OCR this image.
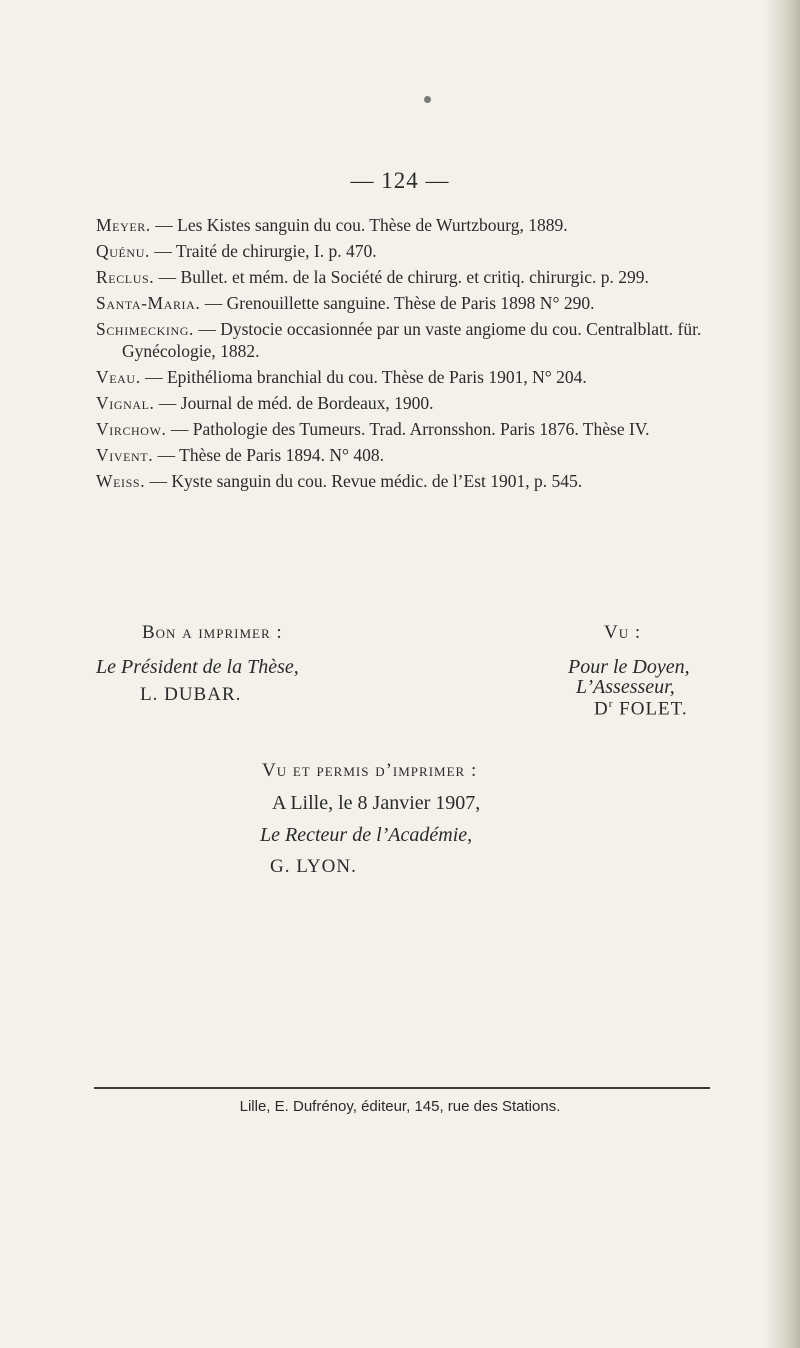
— 124 —

Meyer. — Les Kistes sanguin du cou. Thèse de Wurtzbourg, 1889.

Quénu. — Traité de chirurgie, I. p. 470.

Reclus. — Bullet. et mém. de la Société de chirurg. et critiq. chirurgic. p. 299.

Santa-Maria. — Grenouillette sanguine. Thèse de Paris 1898 N° 290.

Schimecking. — Dystocie occasionnée par un vaste angiome du cou. Centralblatt. für. Gynécologie, 1882.

Veau. — Epithélioma branchial du cou. Thèse de Paris 1901, N° 204.

Vignal. — Journal de méd. de Bordeaux, 1900.

Virchow. — Pathologie des Tumeurs. Trad. Arronsshon. Paris 1876. Thèse IV.

Vivent. — Thèse de Paris 1894. N° 408.

Weiss. — Kyste sanguin du cou. Revue médic. de l’Est 1901, p. 545.

Bon a imprimer :	Vu :
Le Président de la Thèse,
L. DUBAR.
Pour le Doyen,
L’Assesseur,
$D^r$ FOLET.
Vu et permis d’imprimer :
A Lille, le 8 Janvier 1907,
Le Recteur de l’Académie,
G. LYON.
Lille, E. Dufrénoy, éditeur, 145, rue des Stations.
